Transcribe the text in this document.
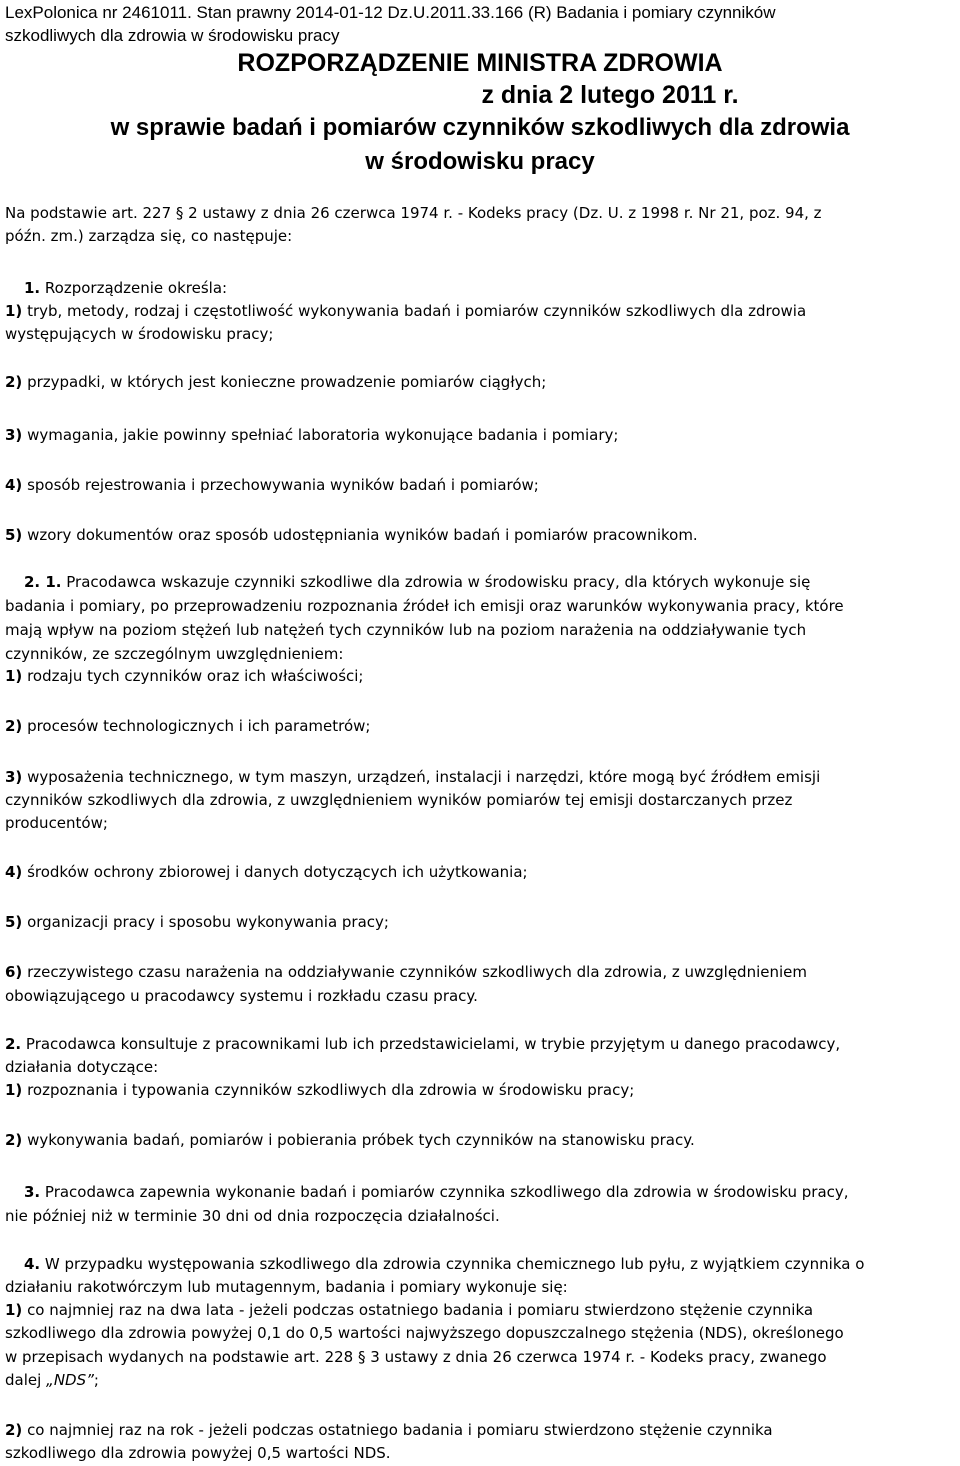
LexPolonica nr 2461011. Stan prawny 2014-01-12 Dz.U.2011.33.166 (R) Badania i pomiary czynników
szkodliwych dla zdrowia w środowisku pracy
ROZPORZĄDZENIE MINISTRA ZDROWIA
z dnia 2 lutego 2011 r.
w sprawie badań i pomiarów czynników szkodliwych dla zdrowia
w środowisku pracy
Na podstawie art. 227 § 2 ustawy z dnia 26 czerwca 1974 r. - Kodeks pracy (Dz. U. z 1998 r. Nr 21, poz. 94, z
późn. zm.) zarządza się, co następuje:
1. Rozporządzenie określa:
1) tryb, metody, rodzaj i częstotliwość wykonywania badań i pomiarów czynników szkodliwych dla zdrowia
występujących w środowisku pracy;
2) przypadki, w których jest konieczne prowadzenie pomiarów ciągłych;
3) wymagania, jakie powinny spełniać laboratoria wykonujące badania i pomiary;
4) sposób rejestrowania i przechowywania wyników badań i pomiarów;
5) wzory dokumentów oraz sposób udostępniania wyników badań i pomiarów pracownikom.
2. 1. Pracodawca wskazuje czynniki szkodliwe dla zdrowia w środowisku pracy, dla których wykonuje się
badania i pomiary, po przeprowadzeniu rozpoznania źródeł ich emisji oraz warunków wykonywania pracy, które
mają wpływ na poziom stężeń lub natężeń tych czynników lub na poziom narażenia na oddziaływanie tych
czynników, ze szczególnym uwzględnieniem:
1) rodzaju tych czynników oraz ich właściwości;
2) procesów technologicznych i ich parametrów;
3) wyposażenia technicznego, w tym maszyn, urządzeń, instalacji i narzędzi, które mogą być źródłem emisji
czynników szkodliwych dla zdrowia, z uwzględnieniem wyników pomiarów tej emisji dostarczanych przez
producentów;
4) środków ochrony zbiorowej i danych dotyczących ich użytkowania;
5) organizacji pracy i sposobu wykonywania pracy;
6) rzeczywistego czasu narażenia na oddziaływanie czynników szkodliwych dla zdrowia, z uwzględnieniem
obowiązującego u pracodawcy systemu i rozkładu czasu pracy.
2. Pracodawca konsultuje z pracownikami lub ich przedstawicielami, w trybie przyjętym u danego pracodawcy,
działania dotyczące:
1) rozpoznania i typowania czynników szkodliwych dla zdrowia w środowisku pracy;
2) wykonywania badań, pomiarów i pobierania próbek tych czynników na stanowisku pracy.
3. Pracodawca zapewnia wykonanie badań i pomiarów czynnika szkodliwego dla zdrowia w środowisku pracy,
nie później niż w terminie 30 dni od dnia rozpoczęcia działalności.
4. W przypadku występowania szkodliwego dla zdrowia czynnika chemicznego lub pyłu, z wyjątkiem czynnika o
działaniu rakotwórczym lub mutagennym, badania i pomiary wykonuje się:
1) co najmniej raz na dwa lata - jeżeli podczas ostatniego badania i pomiaru stwierdzono stężenie czynnika
szkodliwego dla zdrowia powyżej 0,1 do 0,5 wartości najwyższego dopuszczalnego stężenia (NDS), określonego
w przepisach wydanych na podstawie art. 228 § 3 ustawy z dnia 26 czerwca 1974 r. - Kodeks pracy, zwanego
dalej „NDS”;
2) co najmniej raz na rok - jeżeli podczas ostatniego badania i pomiaru stwierdzono stężenie czynnika
szkodliwego dla zdrowia powyżej 0,5 wartości NDS.
